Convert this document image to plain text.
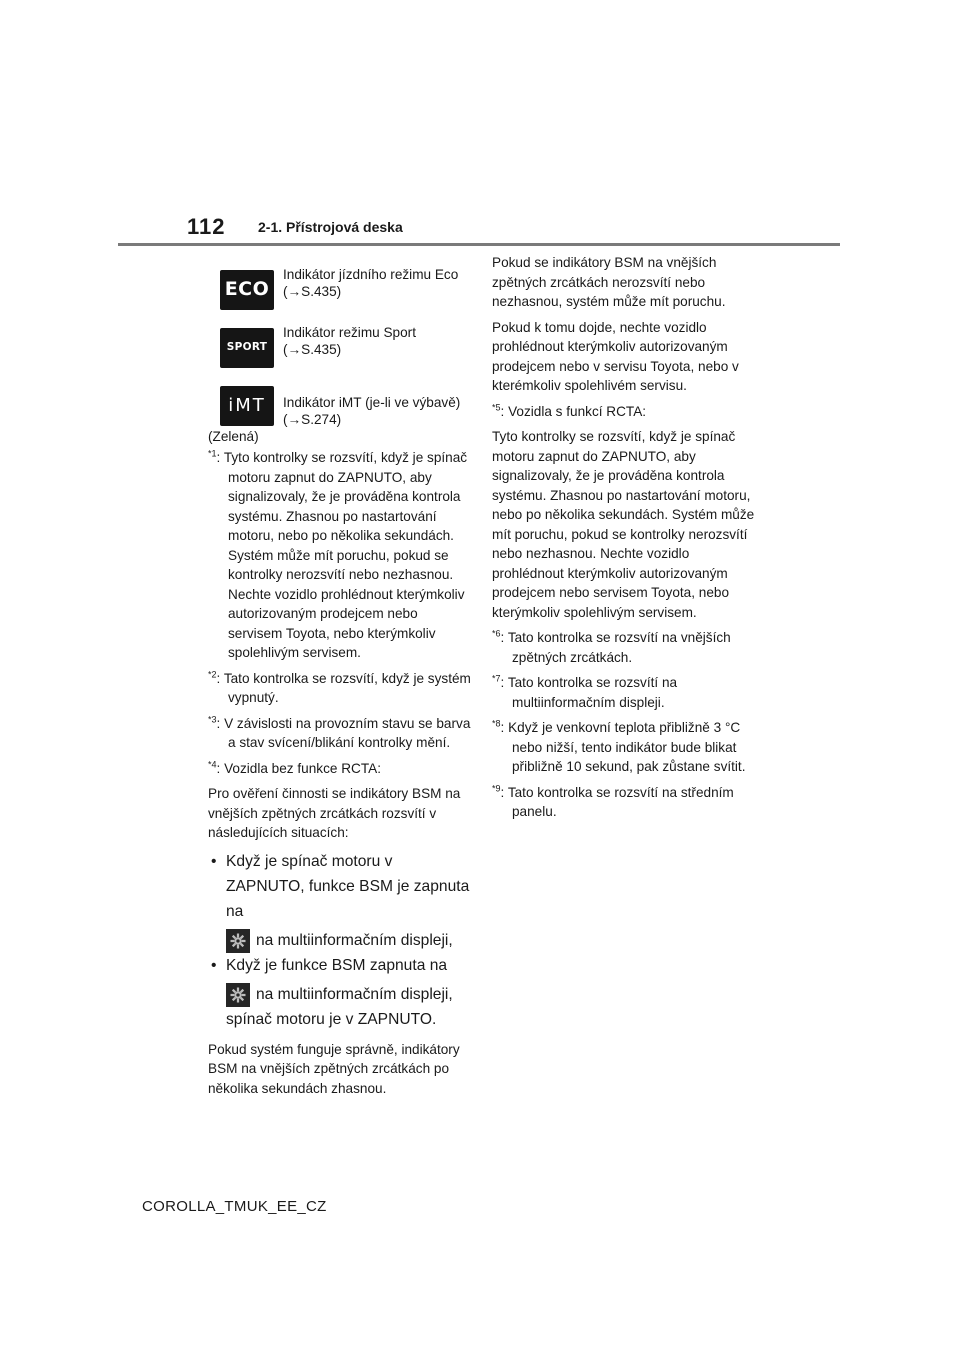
112 2-1. Přístrojová deska
ECO
Indikátor jízdního režimu Eco
(→S.435)
SPORT
Indikátor režimu Sport
(→S.435)
iMT
(Zelená)
Indikátor iMT (je-li ve výbavě)
(→S.274)

$^{*1}$: Tyto kontrolky se rozsvítí, když je spínač motoru zapnut do ZAPNUTO, aby signalizovaly, že je prováděna kontrola systému. Zhasnou po nastartování motoru, nebo po několika sekundách. Systém může mít poruchu, pokud se kontrolky nerozsvítí nebo nezhasnou. Nechte vozidlo prohlédnout kterýmkoliv autorizovaným prodejcem nebo servisem Toyota, nebo kterýmkoliv spolehlivým servisem.

$^{*2}$: Tato kontrolka se rozsvítí, když je systém vypnutý.

$^{*3}$: V závislosti na provozním stavu se barva a stav svícení/blikání kontrolky mění.

$^{*4}$: Vozidla bez funkce RCTA:

Pro ověření činnosti se indikátory BSM na vnějších zpětných zrcátkách rozsvítí v následujících situacích:

• Když je spínač motoru v ZAPNUTO, funkce BSM je zapnuta na
na multiinformačním displeji,
• Když je funkce BSM zapnuta na
na multiinformačním displeji, spínač motoru je v ZAPNUTO.

Pokud systém funguje správně, indikátory BSM na vnějších zpětných zrcátkách po několika sekundách zhasnou.

Pokud se indikátory BSM na vnějších zpětných zrcátkách nerozsvítí nebo nezhasnou, systém může mít poruchu.

Pokud k tomu dojde, nechte vozidlo prohlédnout kterýmkoliv autorizovaným prodejcem nebo v servisu Toyota, nebo v kterémkoliv spolehlivém servisu.

$^{*5}$: Vozidla s funkcí RCTA:

Tyto kontrolky se rozsvítí, když je spínač motoru zapnut do ZAPNUTO, aby signalizovaly, že je prováděna kontrola systému. Zhasnou po nastartování motoru, nebo po několika sekundách. Systém může mít poruchu, pokud se kontrolky nerozsvítí nebo nezhasnou. Nechte vozidlo prohlédnout kterýmkoliv autorizovaným prodejcem nebo servisem Toyota, nebo kterýmkoliv spolehlivým servisem.

$^{*6}$: Tato kontrolka se rozsvítí na vnějších zpětných zrcátkách.

$^{*7}$: Tato kontrolka se rozsvítí na multiinformačním displeji.

$^{*8}$: Když je venkovní teplota přibližně 3 °C nebo nižší, tento indikátor bude blikat přibližně 10 sekund, pak zůstane svítit.

$^{*9}$: Tato kontrolka se rozsvítí na středním panelu.

COROLLA_TMUK_EE_CZ
